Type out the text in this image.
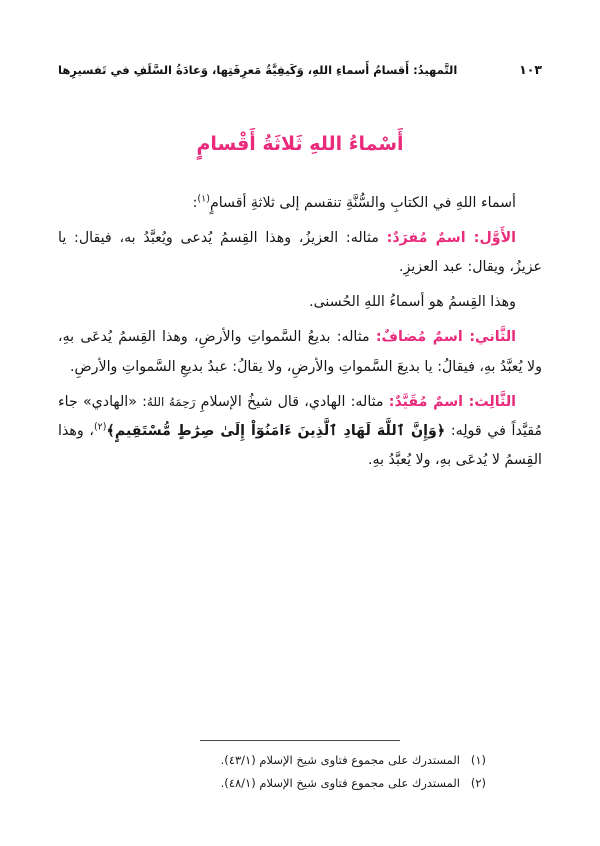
التَّمهيدُ: أَقسامُ أَسماءِ اللهِ، وَكَيفِيَّةُ مَعرِفَتِها، وَعادَةُ السَّلَفِ في تَفسيرِها	١٠٣
أَسْماءُ اللهِ ثَلاثَةُ أَقْسامٍ

أسماء اللهِ في الكتابِ والسُّنَّةِ تنقسم إلى ثلاثةِ أقسامٍ$^{(١)}$:

الأَوَّل: اسمٌ مُفرَدٌ: مثاله: العزيزُ، وهذا القِسمُ يُدعى ويُعبَّدُ به، فيقال: يا عزيزُ، ويقال: عبد العزيزِ.

وهذا القِسمُ هو أسماءُ اللهِ الحُسنى.

الثَّاني: اسمٌ مُضافٌ: مثاله: بديعُ السَّمواتِ والأرضِ، وهذا القِسمُ يُدعَى بهِ، ولا يُعبَّدُ بهِ، فيقالُ: يا بديعَ السَّمواتِ والأرضِ، ولا يقالُ: عبدُ بديعِ السَّمواتِ والأرضِ.

الثَّالِث: اسمٌ مُقَيَّدٌ: مثاله: الهادي، قال شيخُ الإسلامِ رَحِمَهُ اللهُ: «الهادي» جاء مُقيَّداً في قولِه: ﴿وَإِنَّ ٱللَّهَ لَهَادِ ٱلَّذِينَ ءَامَنُوٓاْ إِلَىٰ صِرَٰطٍ مُّسْتَقِيمٍ﴾$^{(٢)}$، وهذا القِسمُ لا يُدعَى بهِ، ولا يُعبَّدُ بهِ.

(١)المستدرك على مجموع فتاوى شيخ الإسلام (٤٣/١).
(٢)المستدرك على مجموع فتاوى شيخ الإسلام (٤٨/١).
